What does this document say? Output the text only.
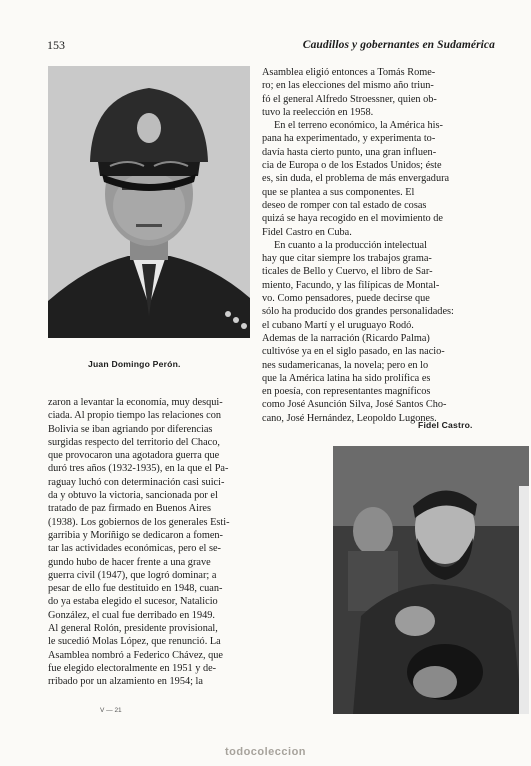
153	Caudillos y gobernantes en Sudamérica
Juan Domingo Perón.

Asamblea eligió entonces a Tomás Rome-
ro; en las elecciones del mismo año triun-
fó el general Alfredo Stroessner, quien ob-
tuvo la reelección en 1958.

En el terreno económico, la América his-
pana ha experimentado, y experimenta to-
davía hasta cierto punto, una gran influen-
cia de Europa o de los Estados Unidos; éste
es, sin duda, el problema de más envergadura
que se plantea a sus componentes. El
deseo de romper con tal estado de cosas
quizá se haya recogido en el movimiento de
Fidel Castro en Cuba.

En cuanto a la producción intelectual
hay que citar siempre los trabajos grama-
ticales de Bello y Cuervo, el libro de Sar-
miento, Facundo, y las filípicas de Montal-
vo. Como pensadores, puede decirse que
sólo ha producido dos grandes personalidades:
el cubano Martí y el uruguayo Rodó.
Ademas de la narración (Ricardo Palma)
cultivóse ya en el siglo pasado, en las nacio-
nes sudamericanas, la novela; pero en lo
que la América latina ha sido prolífica es
en poesía, con representantes magníficos
como José Asunción Silva, José Santos Cho-
cano, José Hernández, Leopoldo Lugones.

zaron a levantar la economía, muy desqui-
ciada. Al propio tiempo las relaciones con
Bolivia se iban agriando por diferencias
surgidas respecto del territorio del Chaco,
que provocaron una agotadora guerra que
duró tres años (1932-1935), en la que el Pa-
raguay luchó con determinación casi suici-
da y obtuvo la victoria, sancionada por el
tratado de paz firmado en Buenos Aires
(1938). Los gobiernos de los generales Esti-
garribia y Moríñigo se dedicaron a fomen-
tar las actividades económicas, pero el se-
gundo hubo de hacer frente a una grave
guerra civil (1947), que logró dominar; a
pesar de ello fue destituido en 1948, cuan-
do ya estaba elegido el sucesor, Natalicio
González, el cual fue derribado en 1949.
Al general Rolón, presidente provisional,
le sucedió Molas López, que renunció. La
Asamblea nombró a Federico Chávez, que
fue elegido electoralmente en 1951 y de-
rribado por un alzamiento en 1954; la

Fidel Castro.
V — 21
todocoleccion
